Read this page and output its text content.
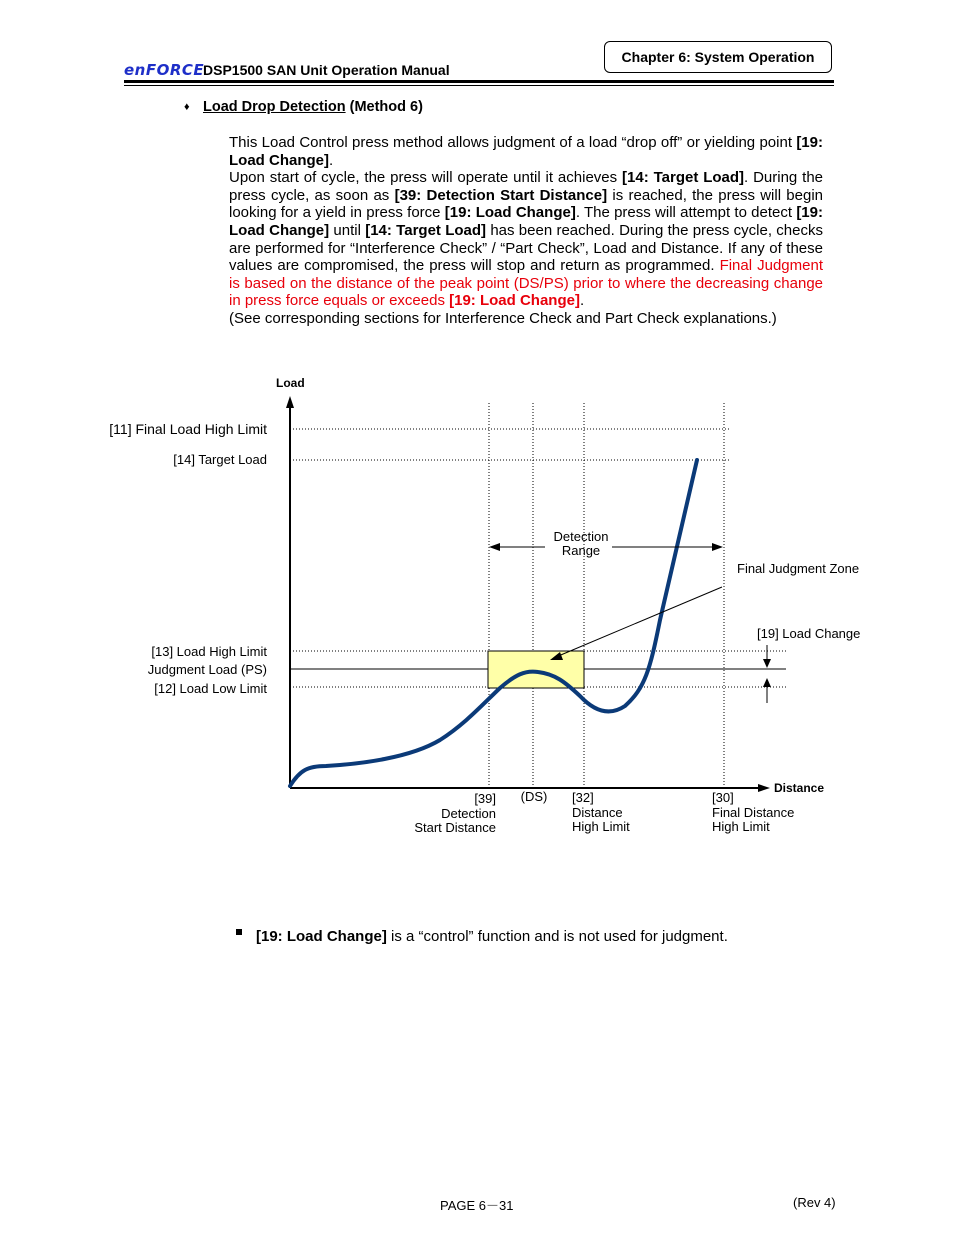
enFORCE
DSP1500 SAN Unit Operation Manual
Chapter 6: System Operation
♦ Load Drop Detection (Method 6)
This Load Control press method allows judgment of a load “drop off” or yielding point [19: Load Change].
Upon start of cycle, the press will operate until it achieves [14: Target Load]. During the press cycle, as soon as [39: Detection Start Distance] is reached, the press will begin looking for a yield in press force [19: Load Change]. The press will attempt to detect [19: Load Change] until [14: Target Load] has been reached. During the press cycle, checks are performed for “Interference Check” / “Part Check”, Load and Distance. If any of these values are compromised, the press will stop and return as programmed. Final Judgment is based on the distance of the peak point (DS/PS) prior to where the decreasing change in press force equals or exceeds [19: Load Change].
(See corresponding sections for Interference Check and Part Check explanations.)
Load
Distance
Detection
Range
Final Judgment Zone
[19] Load Change
[11] Final Load High Limit
[14] Target Load
[13] Load High Limit
Judgment Load (PS)
[12] Load Low Limit
[39]
Detection
Start Distance
(DS) [32]
Distance
High Limit
[30]
Final Distance
High Limit
[19: Load Change] is a “control” function and is not used for judgment.
PAGE 6－31	(Rev 4)
